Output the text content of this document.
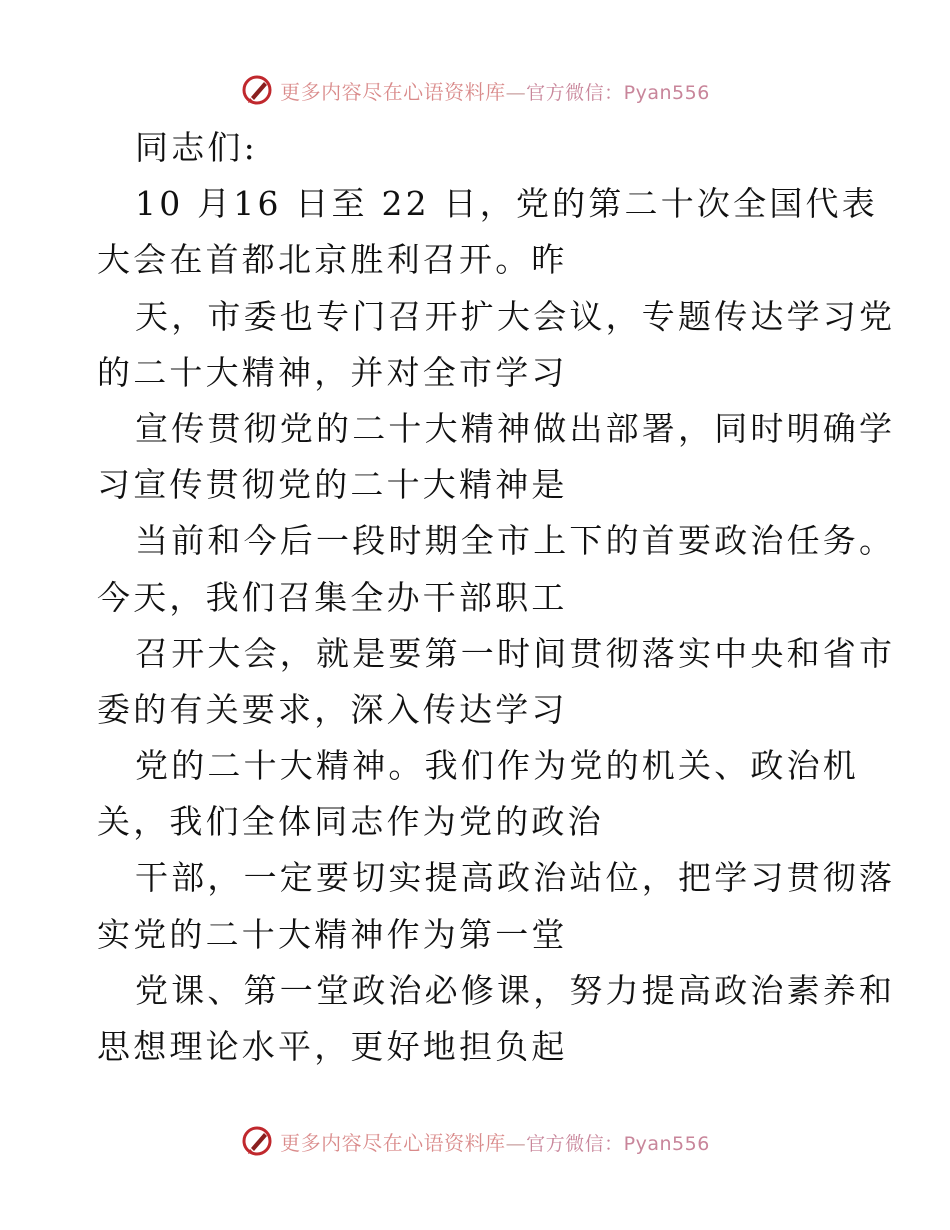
更多内容尽在心语资料库—官方微信：Pyan556
同志们:
10 月16 日至 22 日，党的第二十次全国代表
大会在首都北京胜利召开。昨
天，市委也专门召开扩大会议，专题传达学习党
的二十大精神，并对全市学习
宣传贯彻党的二十大精神做出部署，同时明确学
习宣传贯彻党的二十大精神是
当前和今后一段时期全市上下的首要政治任务。
今天，我们召集全办干部职工
召开大会，就是要第一时间贯彻落实中央和省市
委的有关要求，深入传达学习
党的二十大精神。我们作为党的机关、政治机
关，我们全体同志作为党的政治
干部，一定要切实提高政治站位，把学习贯彻落
实党的二十大精神作为第一堂
党课、第一堂政治必修课，努力提高政治素养和
思想理论水平，更好地担负起
更多内容尽在心语资料库—官方微信：Pyan556
